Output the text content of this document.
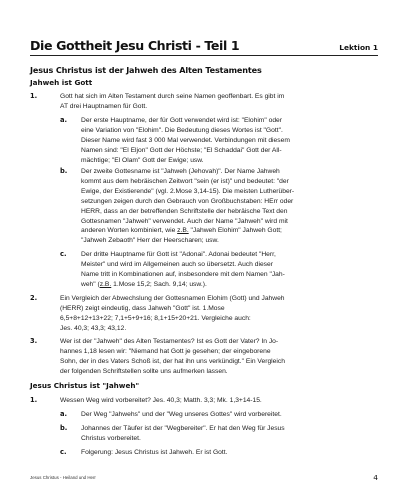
Die Gottheit Jesu Christi - Teil 1	Lektion 1
Jesus Christus ist der Jahweh des Alten Testamentes
Jahweh ist Gott
1.	Gott hat sich im Alten Testament durch seine Namen geoffenbart. Es gibt im
AT drei Hauptnamen für Gott.
a. Der erste Hauptname, der für Gott verwendet wird ist: "Elohim" oder
eine Variation von "Elohim". Die Bedeutung dieses Wortes ist "Gott".
Dieser Name wird fast 3 000 Mal verwendet. Verbindungen mit diesem
Namen sind: "El Eljon" Gott der Höchste; "El Schaddai" Gott der All-
mächtige; "El Olam" Gott der Ewige; usw.
b. Der zweite Gottesname ist "Jahweh (Jehovah)". Der Name Jahweh
kommt aus dem hebräischen Zeitwort "sein (er ist)" und bedeutet: "der
Ewige, der Existierende" (vgl. 2.Mose 3,14-15). Die meisten Lutherüber-
setzungen zeigen durch den Gebrauch von Großbuchstaben: HErr oder
HERR, dass an der betreffenden Schriftstelle der hebräische Text den
Gottesnamen "Jahweh" verwendet. Auch der Name "Jahweh" wird mit
anderen Worten kombiniert, wie z.B. "Jahweh Elohim" Jahweh Gott;
"Jahweh Zebaoth" Herr der Heerscharen; usw.
c. Der dritte Hauptname für Gott ist "Adonai". Adonai bedeutet "Herr,
Meister" und wird im Allgemeinen auch so übersetzt. Auch dieser
Name tritt in Kombinationen auf, insbesondere mit dem Namen "Jah-
weh" (z.B. 1.Mose 15,2; Sach. 9,14; usw.).
2.	Ein Vergleich der Abwechslung der Gottesnamen Elohim (Gott) und Jahweh
(HERR) zeigt eindeutig, dass Jahweh "Gott" ist. 1.Mose
6,5+8+12+13+22; 7,1+5+9+16; 8,1+15+20+21. Vergleiche auch:
Jes. 40,3; 43,3; 43,12.
3.	Wer ist der "Jahweh" des Alten Testamentes? Ist es Gott der Vater? In Jo-
hannes 1,18 lesen wir: "Niemand hat Gott je gesehen; der eingeborene
Sohn, der in des Vaters Schoß ist, der hat ihn uns verkündigt." Ein Vergleich
der folgenden Schriftstellen sollte uns aufmerken lassen.
Jesus Christus ist "Jahweh"
1.	Wessen Weg wird vorbereitet? Jes. 40,3; Matth. 3,3; Mk. 1,3+14-15.
a. Der Weg "Jahwehs" und der "Weg unseres Gottes" wird vorbereitet.
b. Johannes der Täufer ist der "Wegbereiter". Er hat den Weg für Jesus
Christus vorbereitet.
c. Folgerung: Jesus Christus ist Jahweh. Er ist Gott.
Jesus Christus - Heiland und Herr	4
